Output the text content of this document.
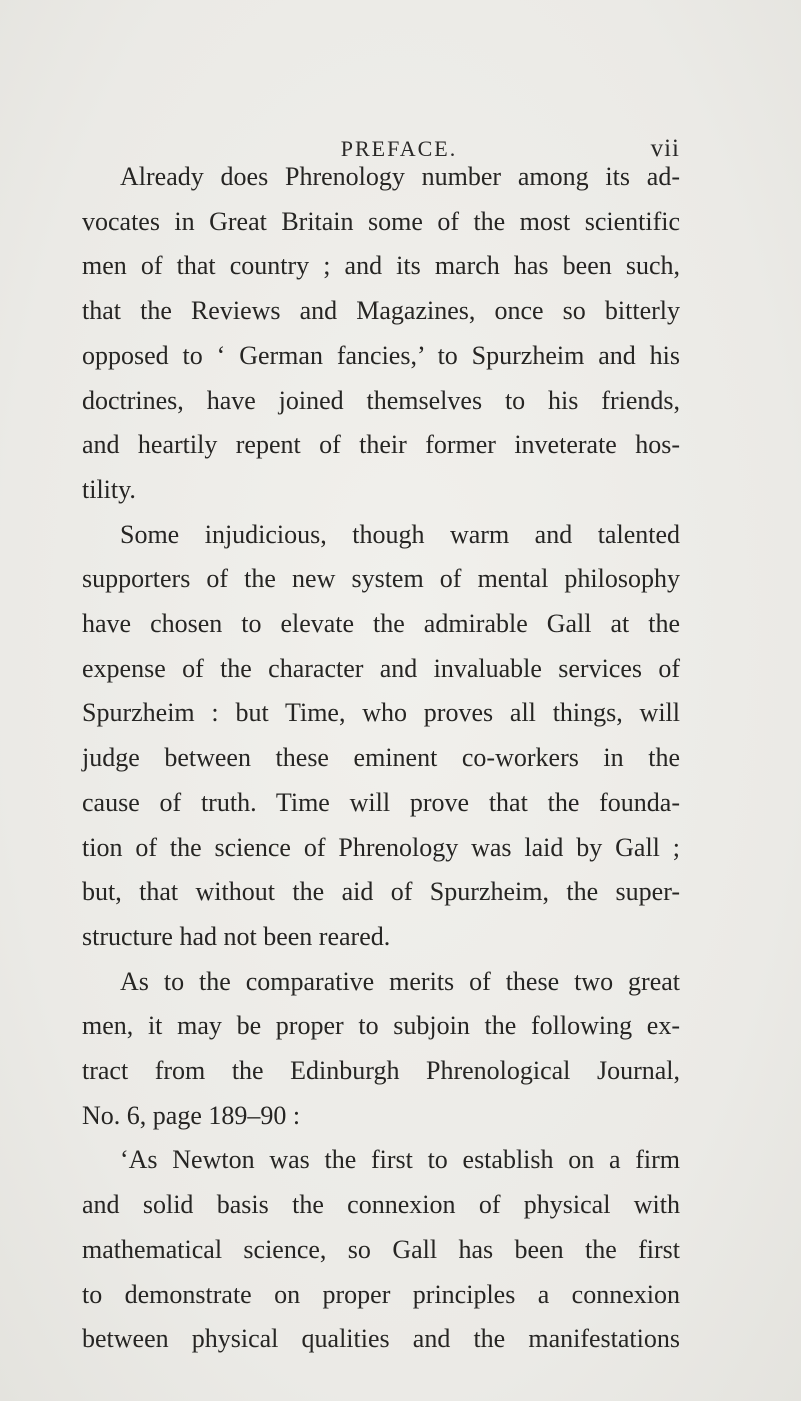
PREFACE.	vii
Already does Phrenology number among its ad-
vocates in Great Britain some of the most scientific
men of that country ; and its march has been such,
that the Reviews and Magazines, once so bitterly
opposed to ‘ German fancies,’ to Spurzheim and his
doctrines, have joined themselves to his friends,
and heartily repent of their former inveterate hos-
tility.
Some injudicious, though warm and talented
supporters of the new system of mental philosophy
have chosen to elevate the admirable Gall at the
expense of the character and invaluable services of
Spurzheim : but Time, who proves all things, will
judge between these eminent co-workers in the
cause of truth. Time will prove that the founda-
tion of the science of Phrenology was laid by Gall ;
but, that without the aid of Spurzheim, the super-
structure had not been reared.
As to the comparative merits of these two great
men, it may be proper to subjoin the following ex-
tract from the Edinburgh Phrenological Journal,
No. 6, page 189–90 :
‘As Newton was the first to establish on a firm
and solid basis the connexion of physical with
mathematical science, so Gall has been the first
to demonstrate on proper principles a connexion
between physical qualities and the manifestations
